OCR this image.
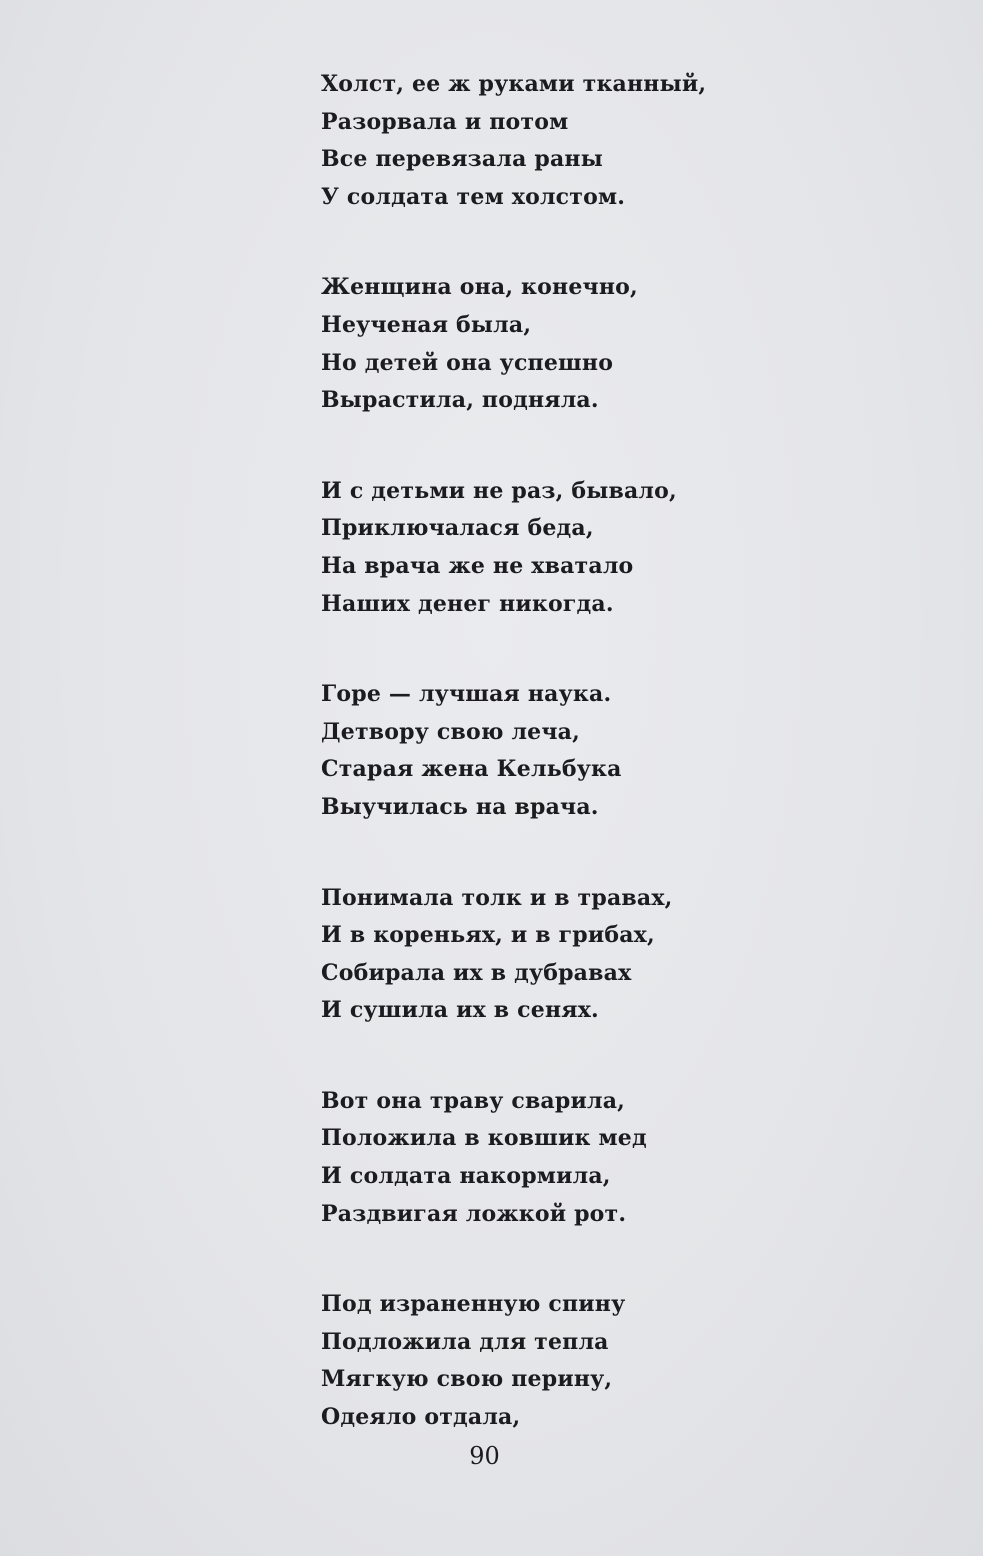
Холст, ее ж руками тканный,
Разорвала и потом
Все перевязала раны
У солдата тем холстом.
Женщина она, конечно,
Неученая была,
Но детей она успешно
Вырастила, подняла.
И с детьми не раз, бывало,
Приключалася беда,
На врача же не хватало
Наших денег никогда.
Горе — лучшая наука.
Детвору свою леча,
Старая жена Кельбука
Выучилась на врача.
Понимала толк и в травах,
И в кореньях, и в грибах,
Собирала их в дубравах
И сушила их в сенях.
Вот она траву сварила,
Положила в ковшик мед
И солдата накормила,
Раздвигая ложкой рот.
Под израненную спину
Подложила для тепла
Мягкую свою перину,
Одеяло отдала,
90
